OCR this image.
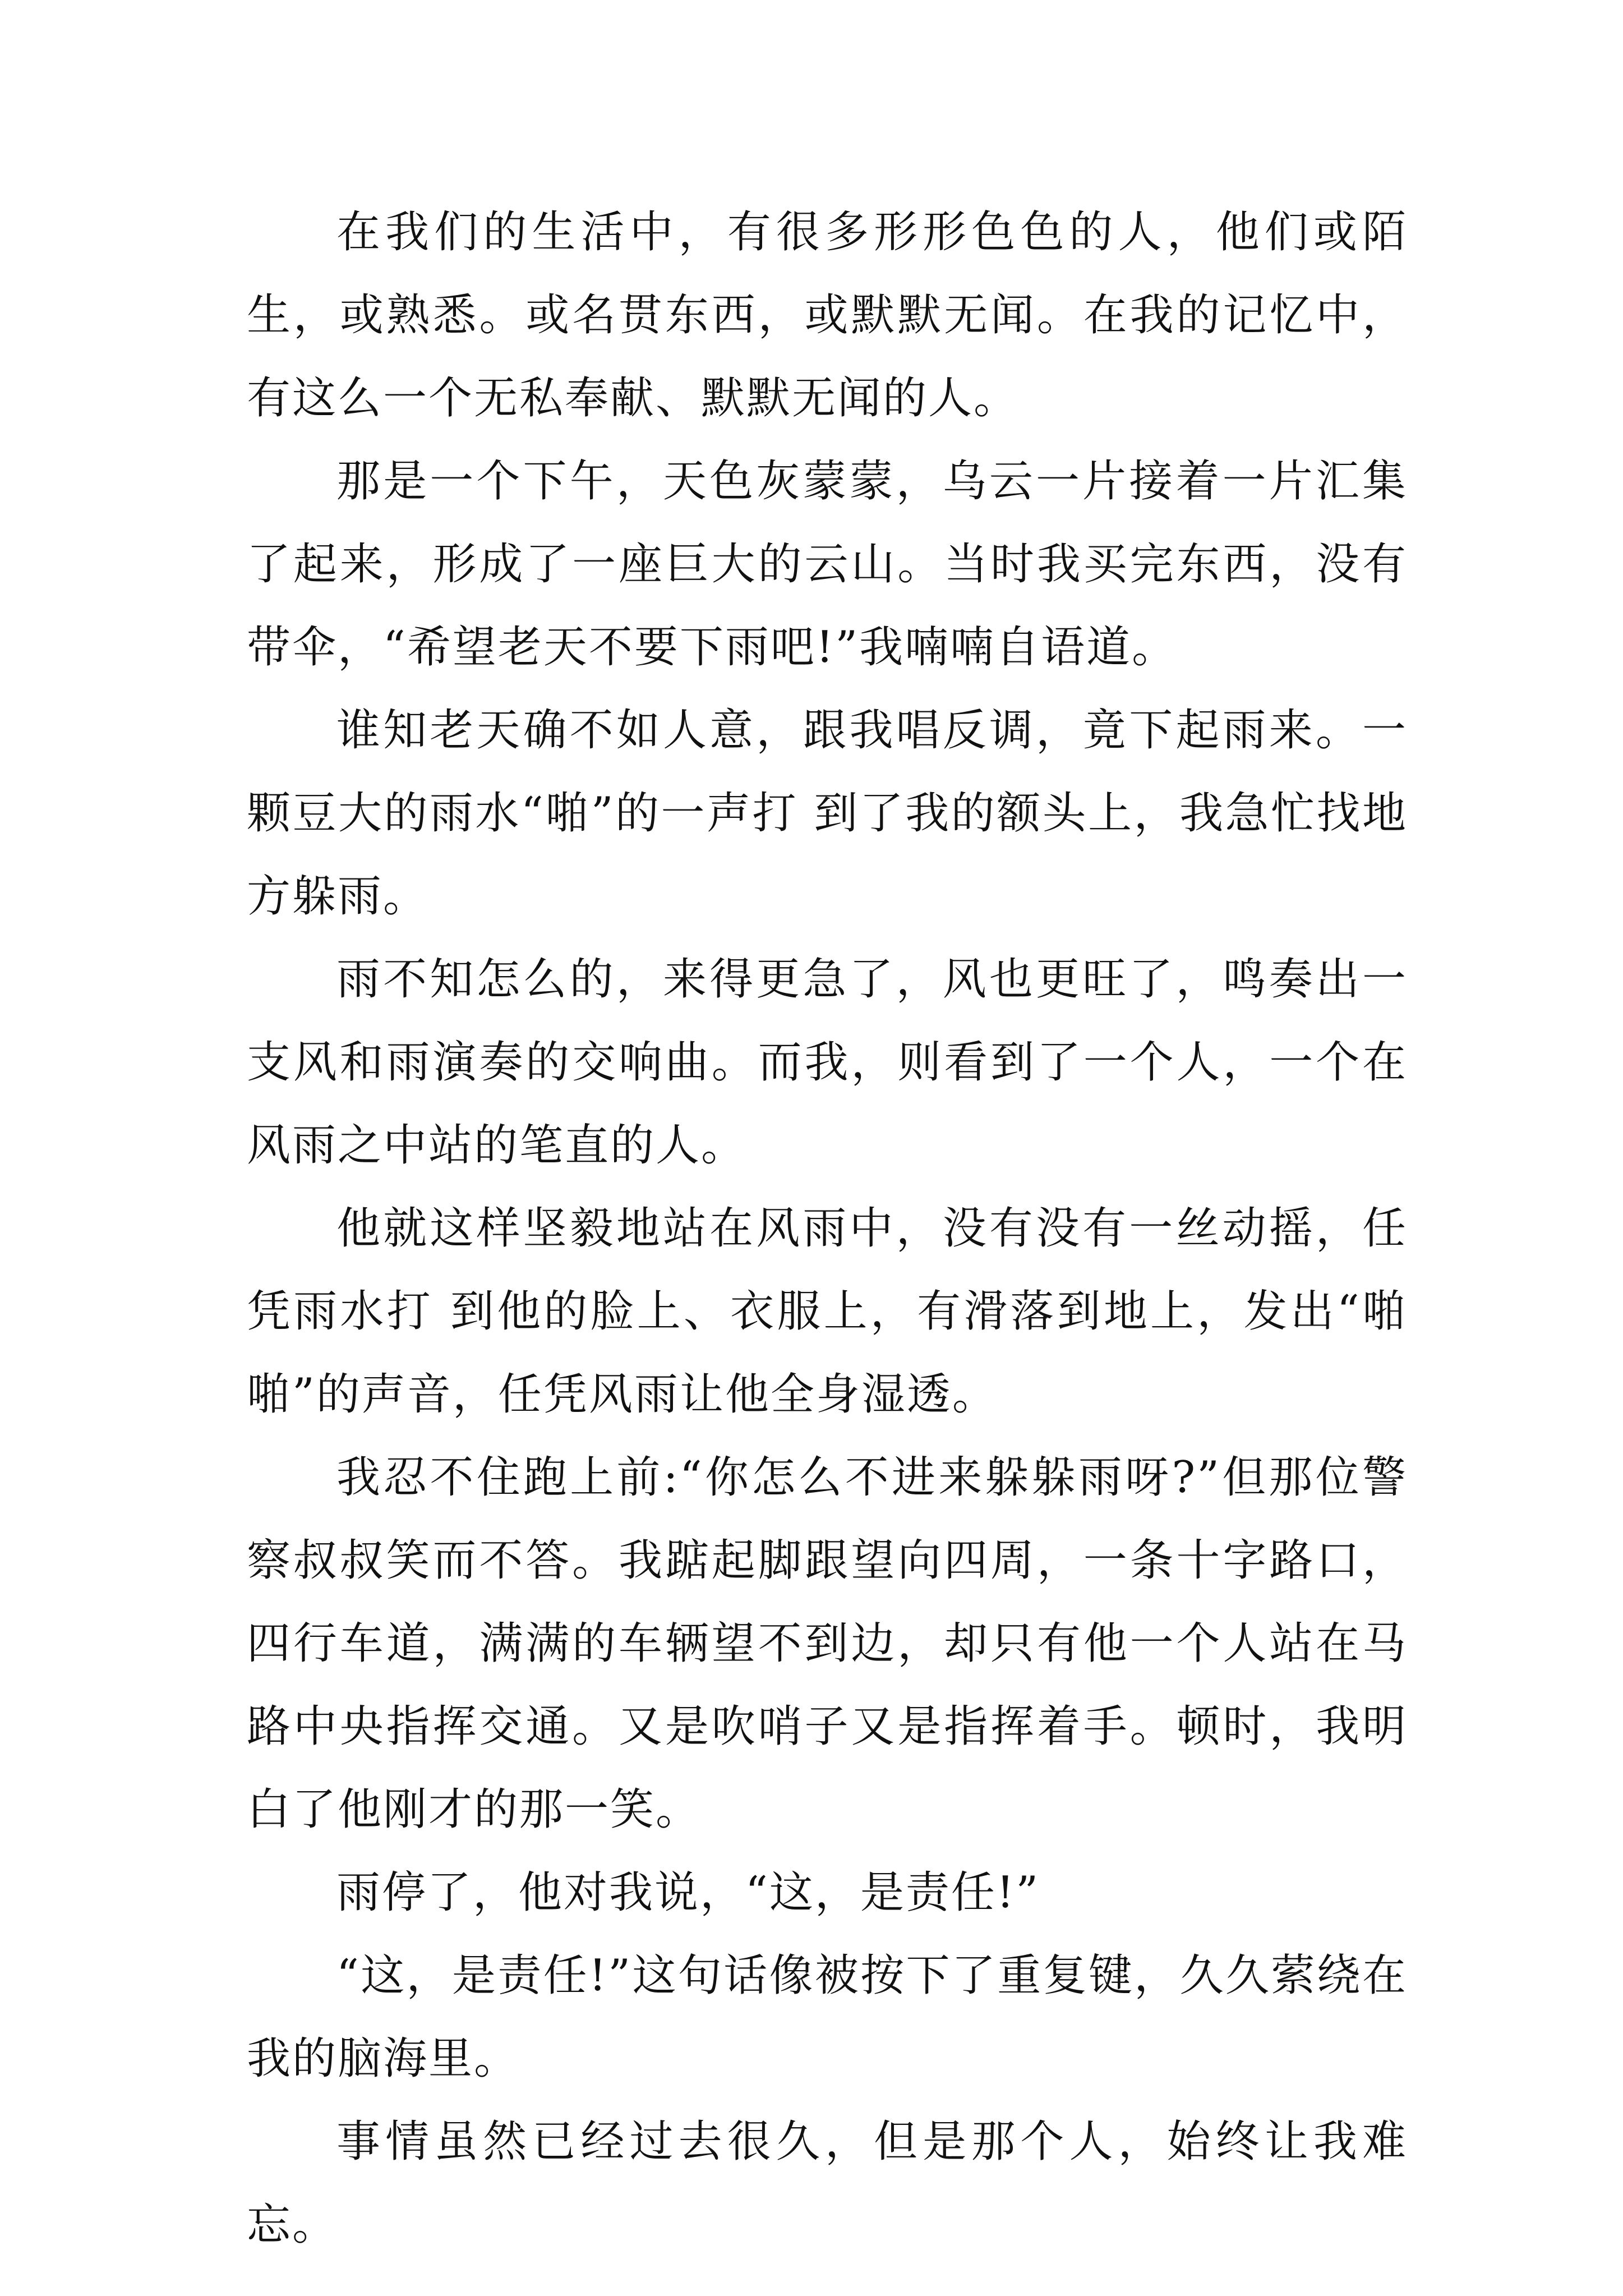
在我们的生活中，有很多形形色色的人，他们或陌生，或熟悉。或名贯东西，或默默无闻。在我的记忆中，有这么一个无私奉献、默默无闻的人。

那是一个下午，天色灰蒙蒙，乌云一片接着一片汇集了起来，形成了一座巨大的云山。当时我买完东西，没有带伞，“希望老天不要下雨吧!”我喃喃自语道。

谁知老天确不如人意，跟我唱反调，竟下起雨来。一颗豆大的雨水“啪”的一声打 到了我的额头上，我急忙找地方躲雨。

雨不知怎么的，来得更急了，风也更旺了，鸣奏出一支风和雨演奏的交响曲。而我，则看到了一个人，一个在风雨之中站的笔直的人。

他就这样坚毅地站在风雨中，没有没有一丝动摇，任凭雨水打 到他的脸上、衣服上，有滑落到地上，发出“啪啪”的声音，任凭风雨让他全身湿透。

我忍不住跑上前:“你怎么不进来躲躲雨呀?”但那位警察叔叔笑而不答。我踮起脚跟望向四周，一条十字路口，四行车道，满满的车辆望不到边，却只有他一个人站在马路中央指挥交通。又是吹哨子又是指挥着手。顿时，我明白了他刚才的那一笑。

雨停了，他对我说，“这，是责任!”

“这，是责任!”这句话像被按下了重复键，久久萦绕在我的脑海里。

事情虽然已经过去很久，但是那个人，始终让我难忘。
